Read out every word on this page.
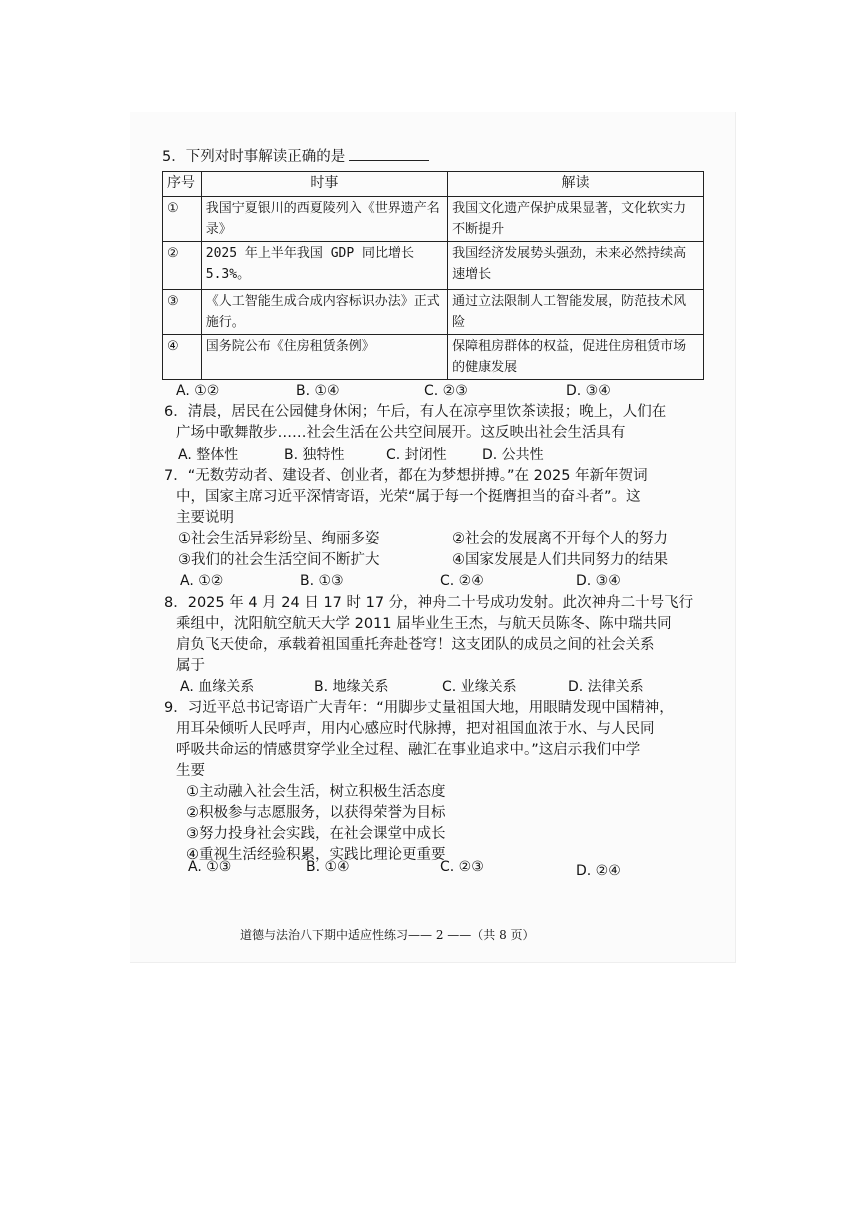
5．下列对时事解读正确的是
序号	时事	解读
①	我国宁夏银川的西夏陵列入《世界遗产名录》	我国文化遗产保护成果显著，文化软实力不断提升
②	2025 年上半年我国 GDP 同比增长 5.3%。	我国经济发展势头强劲，未来必然持续高速增长
③	《人工智能生成合成内容标识办法》正式施行。	通过立法限制人工智能发展，防范技术风险
④	国务院公布《住房租赁条例》	保障租房群体的权益，促进住房租赁市场的健康发展
A. ①②	B. ①④	C. ②③	D. ③④
6．清晨，居民在公园健身休闲；午后，有人在凉亭里饮茶读报；晚上，人们在
广场中歌舞散步……社会生活在公共空间展开。这反映出社会生活具有
A. 整体性	B. 独特性	C. 封闭性	D. 公共性
7．“无数劳动者、建设者、创业者，都在为梦想拼搏。”在 2025 年新年贺词
中，国家主席习近平深情寄语，光荣“属于每一个挺膺担当的奋斗者”。这
主要说明
①社会生活异彩纷呈、绚丽多姿	②社会的发展离不开每个人的努力
③我们的社会生活空间不断扩大	④国家发展是人们共同努力的结果
A. ①②	B. ①③	C. ②④	D. ③④
8．2025 年 4 月 24 日 17 时 17 分，神舟二十号成功发射。此次神舟二十号飞行
乘组中，沈阳航空航天大学 2011 届毕业生王杰，与航天员陈冬、陈中瑞共同
肩负飞天使命，承载着祖国重托奔赴苍穹！这支团队的成员之间的社会关系
属于
A. 血缘关系	B. 地缘关系	C. 业缘关系	D. 法律关系
9．习近平总书记寄语广大青年：“用脚步丈量祖国大地，用眼睛发现中国精神，
用耳朵倾听人民呼声，用内心感应时代脉搏，把对祖国血浓于水、与人民同
呼吸共命运的情感贯穿学业全过程、融汇在事业追求中。”这启示我们中学
生要
①主动融入社会生活，树立积极生活态度
②积极参与志愿服务，以获得荣誉为目标
③努力投身社会实践，在社会课堂中成长
④重视生活经验积累，实践比理论更重要
A. ①③	B. ①④	C. ②③	D. ②④
道德与法治八下期中适应性练习—— 2 ——（共 8 页）
